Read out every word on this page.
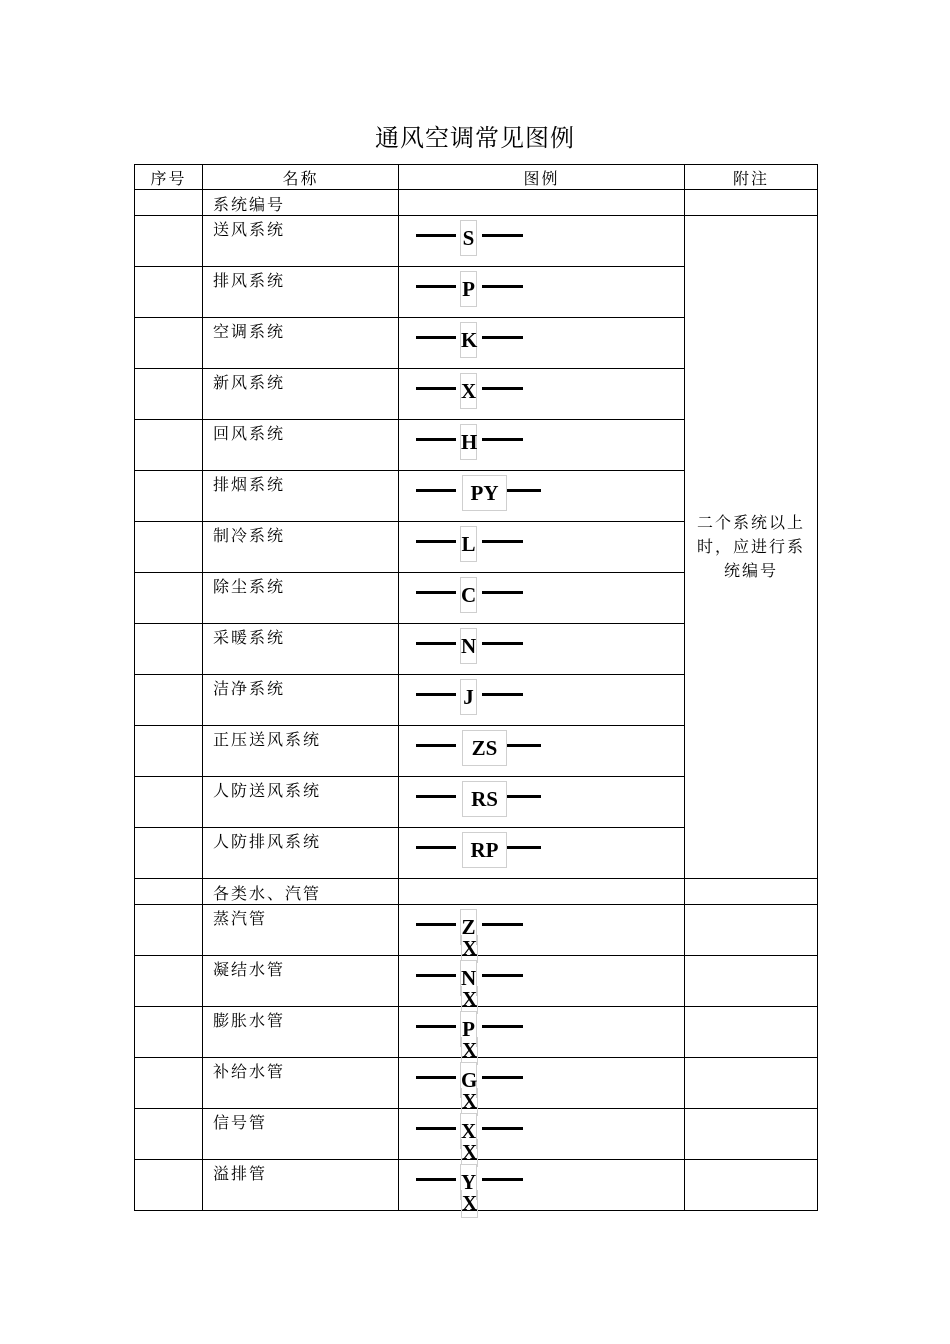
通风空调常见图例
序号	名称	图例	附注
	系统编号		
	送风系统	S	二个系统以上时，应进行系统编号

	排风系统	P	

	空调系统	K	

	新风系统	X	

	回风系统	H	

	排烟系统	PY	

	制冷系统	L	

	除尘系统	C	

	采暖系统	N	

	洁净系统	J	

	正压送风系统	ZS	

	人防送风系统	RS	

	人防排风系统	RP	

	各类水、汽管		
	蒸汽管	Z
X	

	凝结水管	N
X	

	膨胀水管	P
X	

	补给水管	G
X	

	信号管	X
X	

	溢排管	Y
X	
